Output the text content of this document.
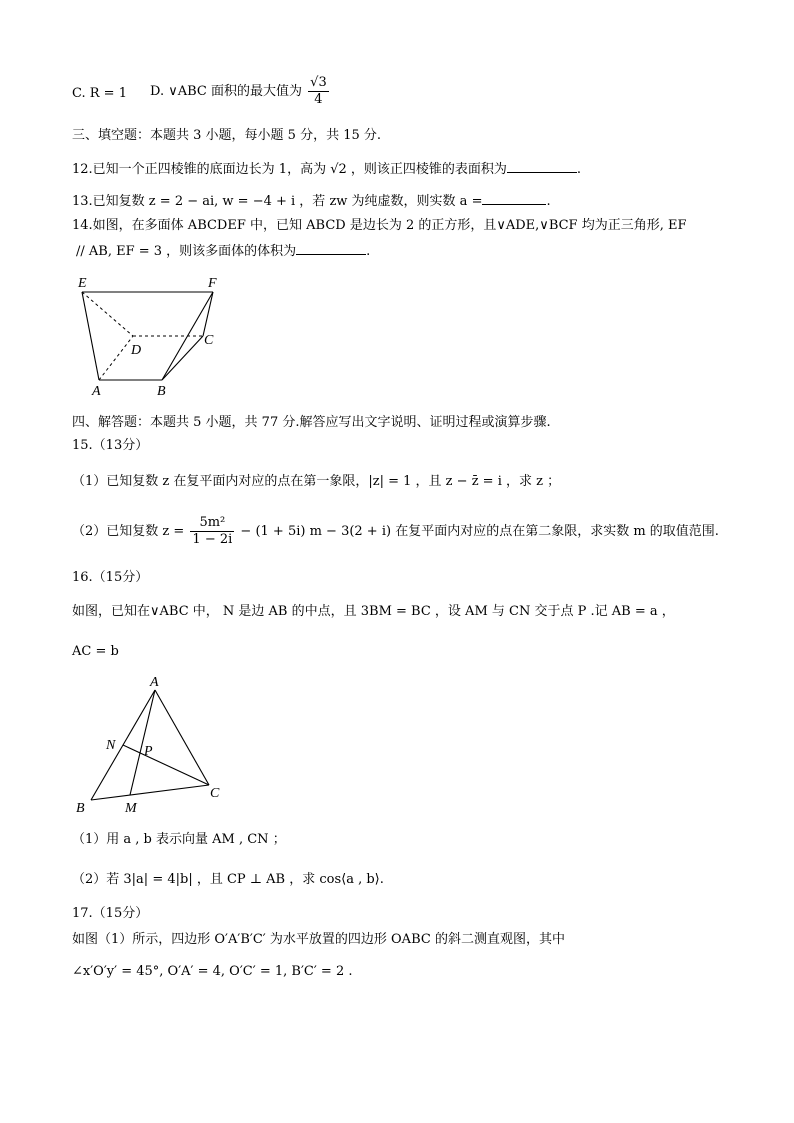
C. R = 1 D. ∨ABC 面积的最大值为 $\frac{√3}{4}$
三、填空题：本题共 3 小题，每小题 5 分，共 15 分.
12.已知一个正四棱锥的底面边长为 1，高为 √2 ，则该正四棱锥的表面积为	.
13.已知复数 z = 2 − ai, w = −4 + i ，若 zw 为纯虚数，则实数 a =	.
14.如图，在多面体 ABCDEF 中，已知 ABCD 是边长为 2 的正方形，且∨ADE,∨BCF 均为正三角形, EF
// AB, EF = 3 ，则该多面体的体积为	.
E	F
D
C
A	B
四、解答题：本题共 5 小题，共 77 分.解答应写出文字说明、证明过程或演算步骤.
15.（13分）
（1）已知复数 z 在复平面内对应的点在第一象限，|z| = 1 ，且 z − z̄ = i ，求 z ；
（2）已知复数 $z = \frac{\text{5m²}}{1 - 2i} - (1 + 5i) m - 3(2 + i)$ 在复平面内对应的点在第二象限，求实数 m 的取值范围.
16.（15分）
如图，已知在∨ABC 中， N 是边 AB 的中点，且 3BM = BC ，设 AM 与 CN 交于点 P .记 AB = a ，
AC = b
A
N P
C
B	M
（1）用 a , b 表示向量 AM , CN ；
（2）若 3|a| = 4|b| ，且 CP ⊥ AB ，求 cos⟨a , b⟩.
17.（15分）
如图（1）所示，四边形 O′A′B′C′ 为水平放置的四边形 OABC 的斜二测直观图，其中
∠x′O′y′ = 45°, O′A′ = 4, O′C′ = 1, B′C′ = 2 .
